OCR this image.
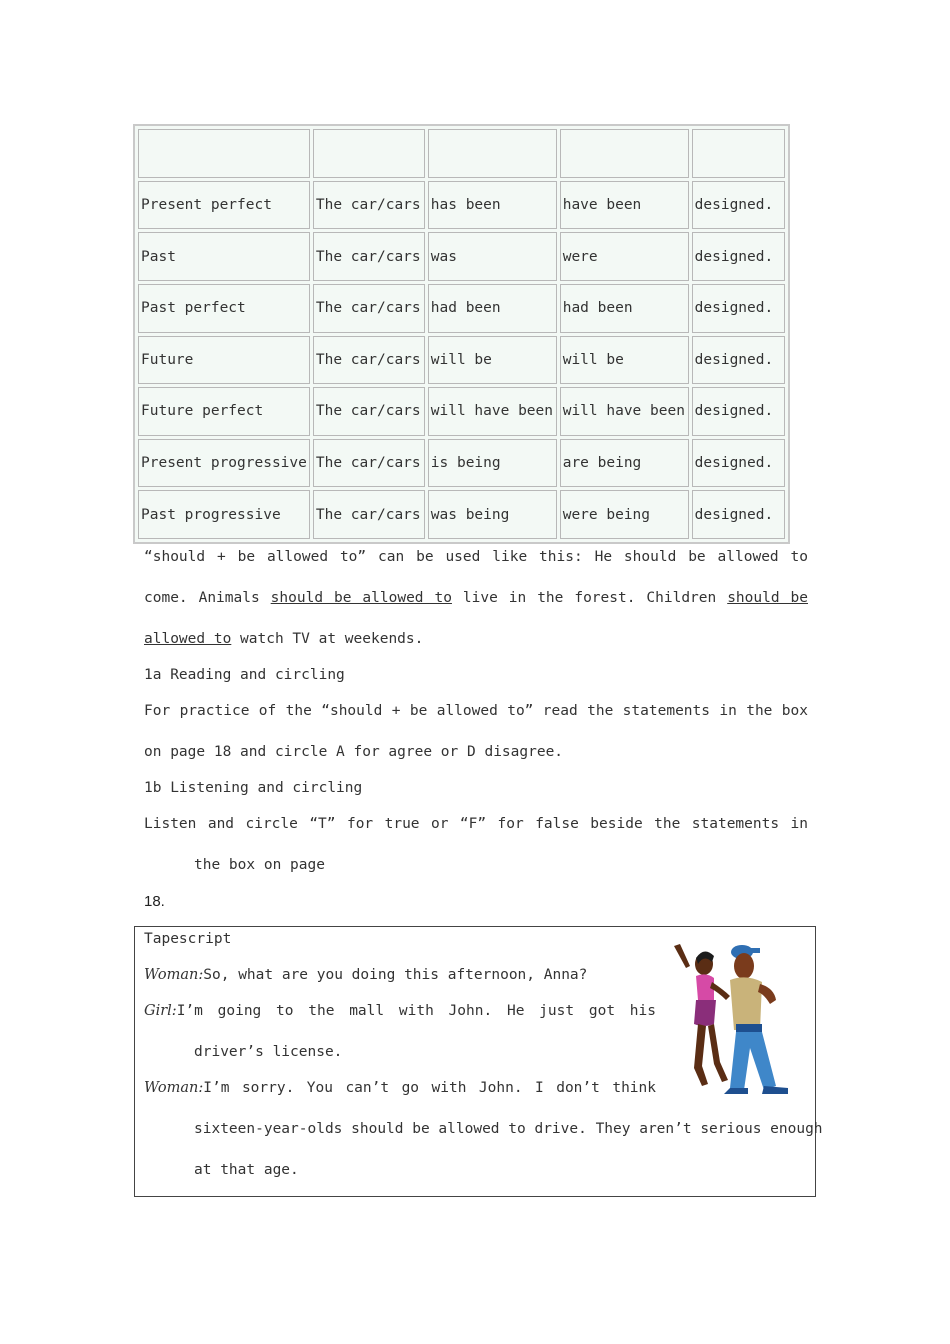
Present perfect	The car/cars	has been	have been	designed.
Past	The car/cars	was	were	designed.
Past perfect	The car/cars	had been	had been	designed.
Future	The car/cars	will be	will be	designed.
Future perfect	The car/cars	will have been	will have been	designed.
Present progressive	The car/cars	is being	are being	designed.
Past progressive	The car/cars	was being	were being	designed.
“should + be allowed to” can be used like this: He should be allowed to
come. Animals should be allowed to live in the forest. Children should be
allowed to watch TV at weekends.
1a Reading and circling
For practice of the “should + be allowed to” read the statements in the box
on page 18 and circle A for agree or D disagree.
1b Listening and circling
Listen and circle “T” for true or “F” for false beside the statements in
the box on page
18.
Tapescript
Woman:So, what are you doing this afternoon, Anna?
Girl:I’m going to the mall with John. He just got his
driver’s license.
Woman:I’m sorry. You can’t go with John. I don’t think
sixteen-year-olds should be allowed to drive. They aren’t serious enough
at that age.
